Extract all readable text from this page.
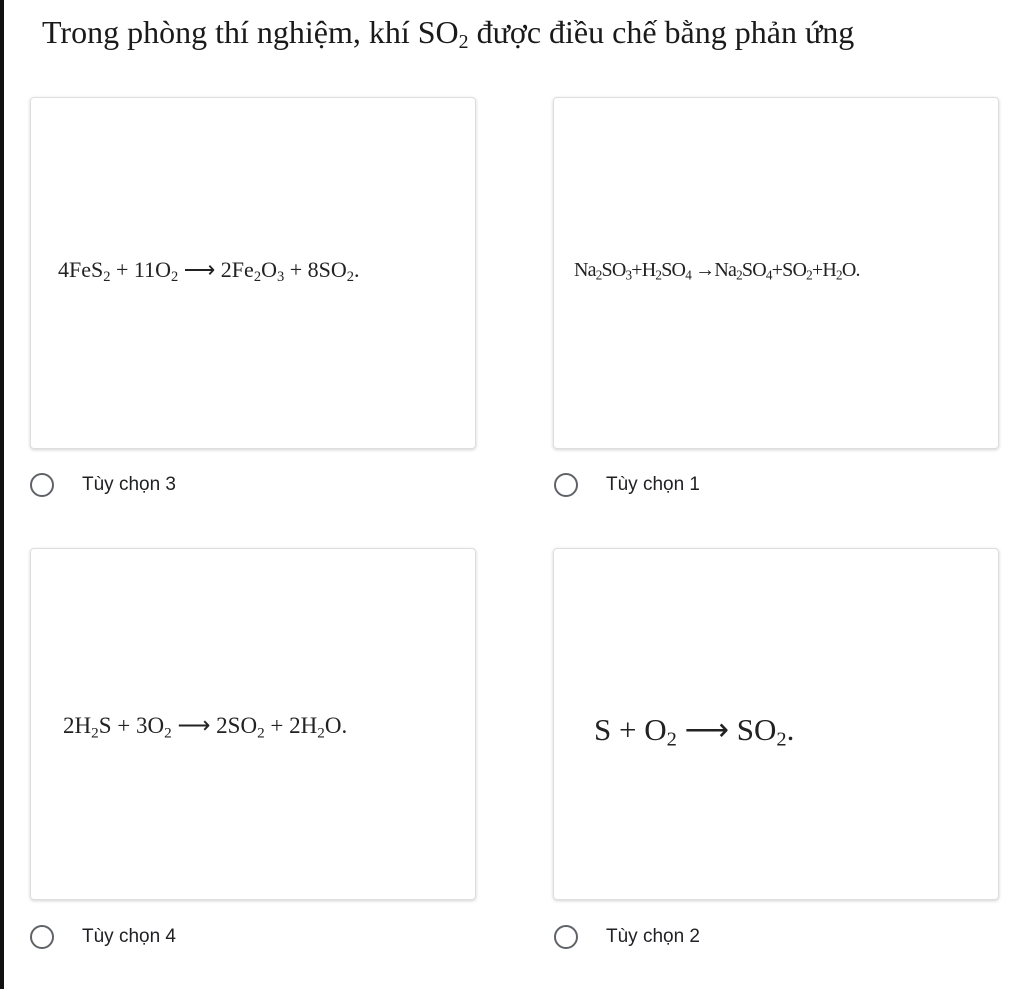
Trong phòng thí nghiệm, khí $SO_2$ được điều chế bằng phản ứng
$4FeS_2 + 11O_2$ ⟶ $2Fe_2O_3 + 8SO_2$.	$Na_2SO_3+H_2SO_4 \to Na_2SO_4+SO_2+H_2O$.
$2H_2S + 3O_2$ ⟶ $2SO_2 + 2H_2O$.	$S + O_2$ ⟶ $SO_2$.
Tùy chọn 3	Tùy chọn 1
Tùy chọn 4	Tùy chọn 2
